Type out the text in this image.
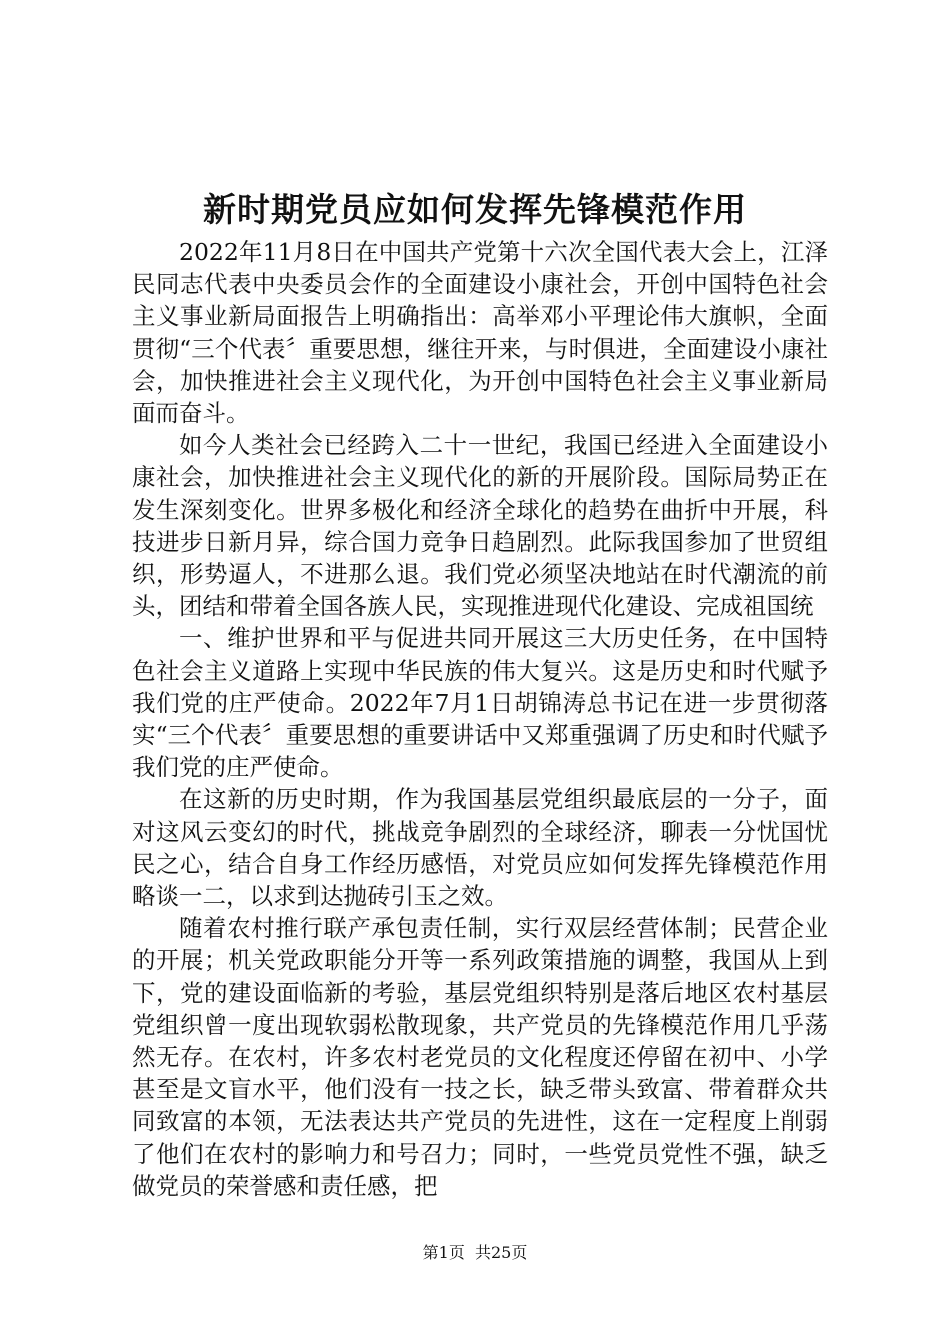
新时期党员应如何发挥先锋模范作用

2022年11月8日在中国共产党第十六次全国代表大会上，江泽民同志代表中央委员会作的全面建设小康社会，开创中国特色社会主义事业新局面报告上明确指出：高举邓小平理论伟大旗帜，全面贯彻“三个代表〞重要思想，继往开来，与时俱进，全面建设小康社会，加快推进社会主义现代化，为开创中国特色社会主义事业新局面而奋斗。

如今人类社会已经跨入二十一世纪，我国已经进入全面建设小康社会，加快推进社会主义现代化的新的开展阶段。国际局势正在发生深刻变化。世界多极化和经济全球化的趋势在曲折中开展，科技进步日新月异，综合国力竞争日趋剧烈。此际我国参加了世贸组织，形势逼人，不进那么退。我们党必须坚决地站在时代潮流的前头，团结和带着全国各族人民，实现推进现代化建设、完成祖国统

一、维护世界和平与促进共同开展这三大历史任务，在中国特色社会主义道路上实现中华民族的伟大复兴。这是历史和时代赋予我们党的庄严使命。2022年7月1日胡锦涛总书记在进一步贯彻落实“三个代表〞重要思想的重要讲话中又郑重强调了历史和时代赋予我们党的庄严使命。

在这新的历史时期，作为我国基层党组织最底层的一分子，面对这风云变幻的时代，挑战竞争剧烈的全球经济，聊表一分忧国忧民之心，结合自身工作经历感悟，对党员应如何发挥先锋模范作用略谈一二，以求到达抛砖引玉之效。

随着农村推行联产承包责任制，实行双层经营体制；民营企业的开展；机关党政职能分开等一系列政策措施的调整，我国从上到下，党的建设面临新的考验，基层党组织特别是落后地区农村基层党组织曾一度出现软弱松散现象，共产党员的先锋模范作用几乎荡然无存。在农村，许多农村老党员的文化程度还停留在初中、小学甚至是文盲水平，他们没有一技之长，缺乏带头致富、带着群众共同致富的本领，无法表达共产党员的先进性，这在一定程度上削弱了他们在农村的影响力和号召力；同时，一些党员党性不强，缺乏做党员的荣誉感和责任感，把

第1页  共25页
